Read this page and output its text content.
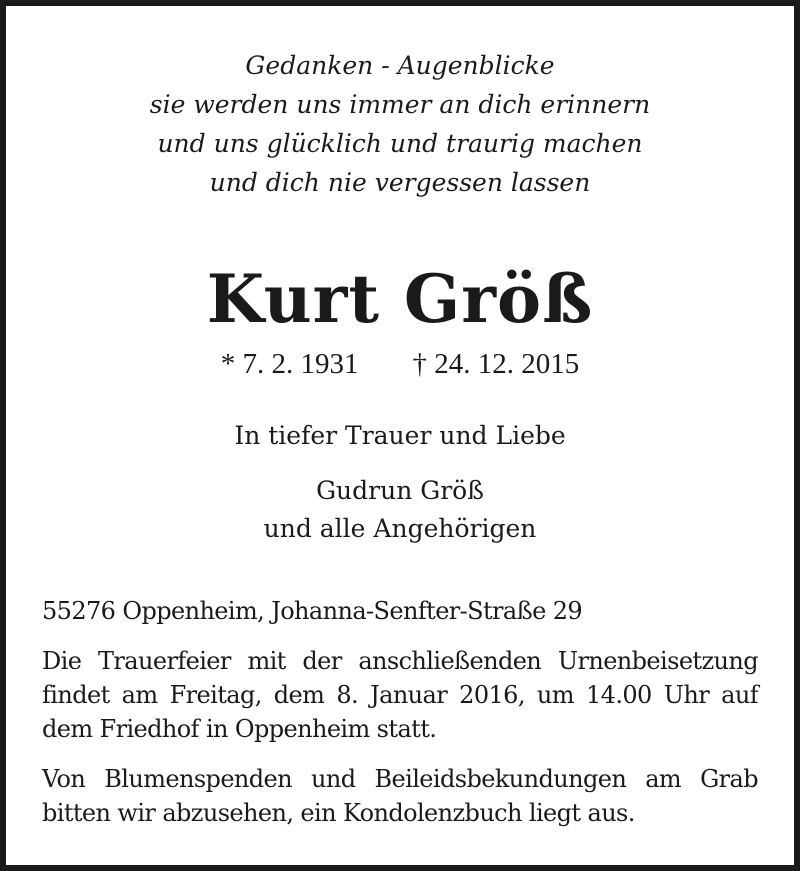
Gedanken - Augenblicke
sie werden uns immer an dich erinnern
und uns glücklich und traurig machen
und dich nie vergessen lassen
Kurt Größ
* 7. 2. 1931 † 24. 12. 2015
In tiefer Trauer und Liebe
Gudrun Größ
und alle Angehörigen
55276 Oppenheim, Johanna-Senfter-Straße 29
Die Trauerfeier mit der anschließenden Urnenbeisetzung findet am Freitag, dem 8. Januar 2016, um 14.00 Uhr auf dem Friedhof in Oppenheim statt.
Von Blumenspenden und Beileidsbekundungen am Grab bitten wir abzusehen, ein Kondolenzbuch liegt aus.
